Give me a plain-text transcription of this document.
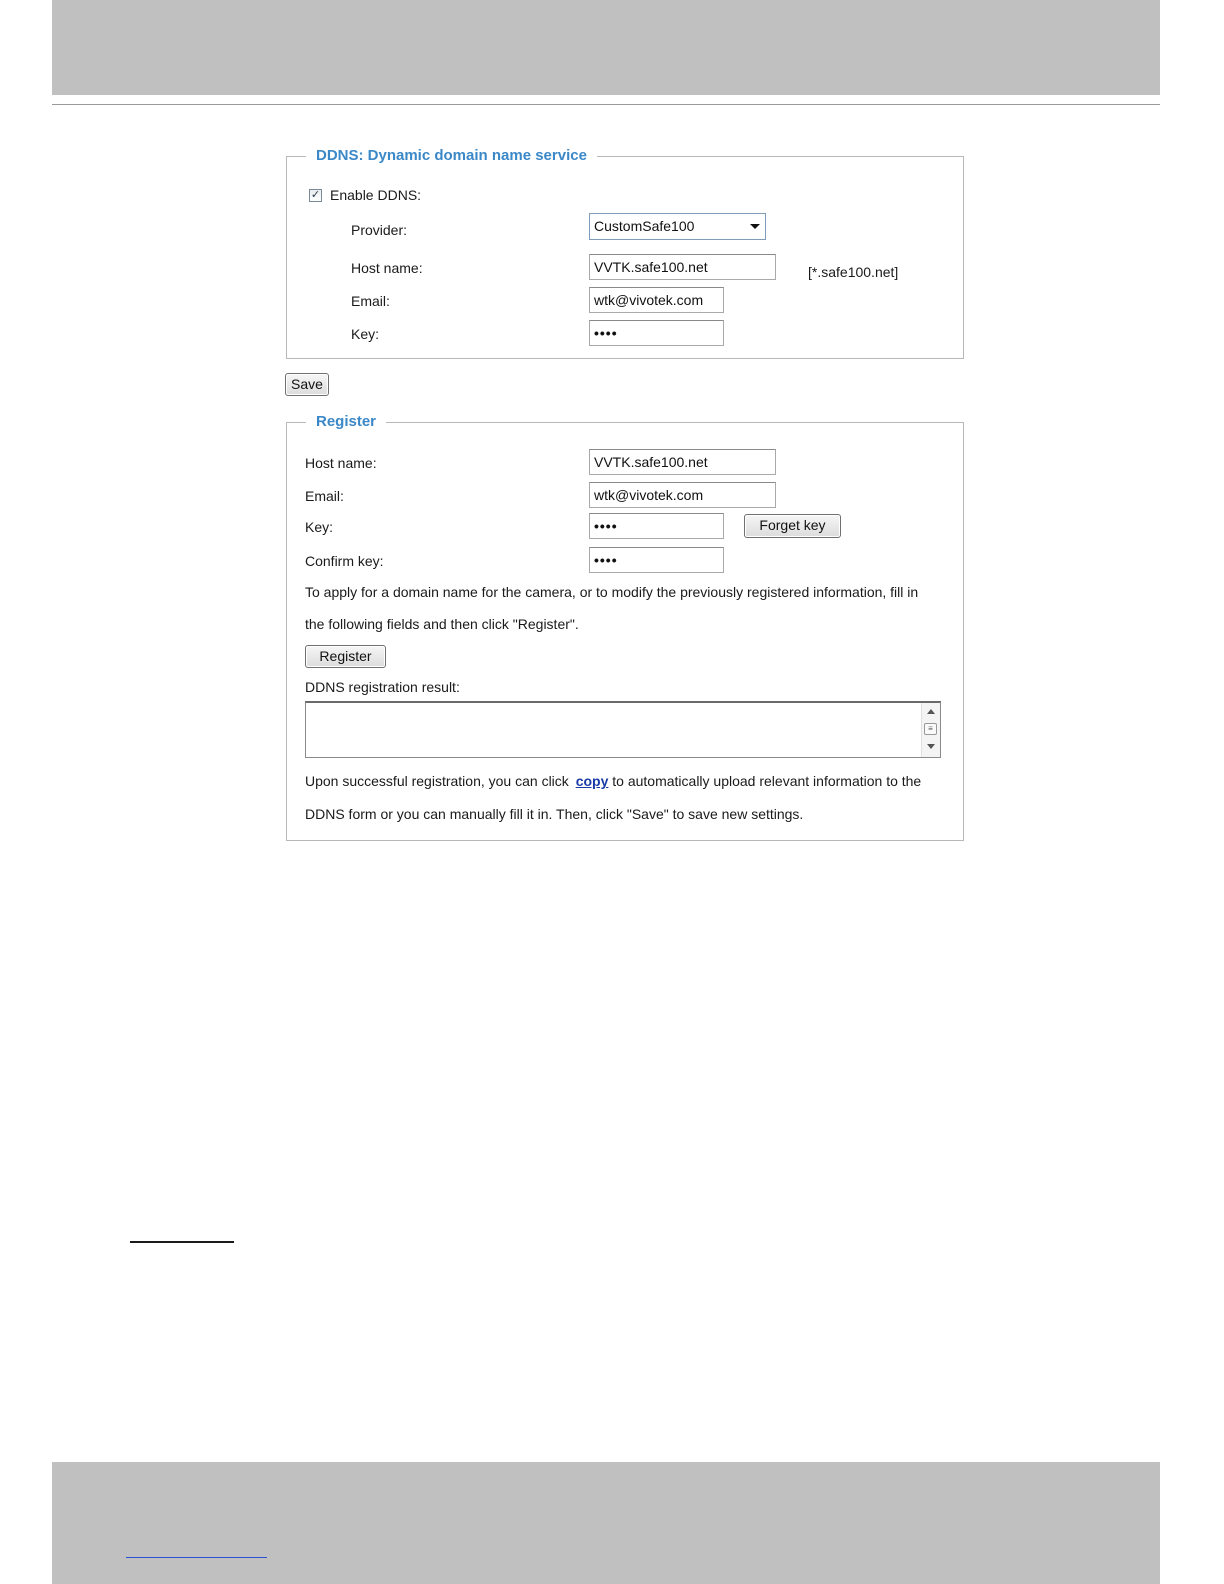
DDNS: Dynamic domain name service
✓ Enable DDNS:
Provider:	CustomSafe100
Host name:	VVTK.safe100.net	[*.safe100.net]
Email:	wtk@vivotek.com
Key:	••••
Save
Register
Host name:	VVTK.safe100.net
Email:	wtk@vivotek.com
Key:	••••	Forget key
Confirm key:	••••
To apply for a domain name for the camera, or to modify the previously registered information, fill in
the following fields and then click "Register".
Register
DDNS registration result:
≡
Upon successful registration, you can click copy to automatically upload relevant information to the
DDNS form or you can manually fill it in. Then, click "Save" to save new settings.
